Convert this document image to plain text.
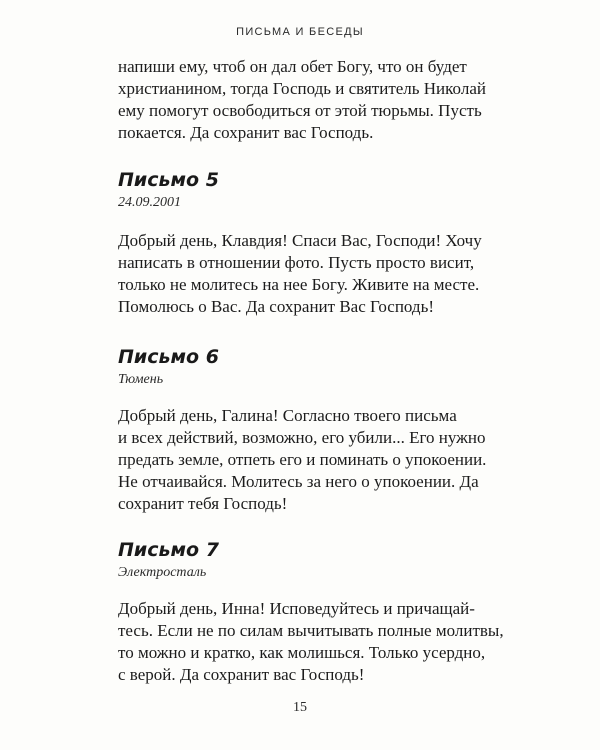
ПИСЬМА И БЕСЕДЫ
напиши ему, чтоб он дал обет Богу, что он будет
христианином, тогда Господь и святитель Николай
ему помогут освободиться от этой тюрьмы. Пусть
покается. Да сохранит вас Господь.
Письмо 5
24.09.2001
Добрый день, Клавдия! Спаси Вас, Господи! Хочу
написать в отношении фото. Пусть просто висит,
только не молитесь на нее Богу. Живите на месте.
Помолюсь о Вас. Да сохранит Вас Господь!
Письмо 6
Тюмень
Добрый день, Галина! Согласно твоего письма
и всех действий, возможно, его убили... Его нужно
предать земле, отпеть его и поминать о упокоении.
Не отчаивайся. Молитесь за него о упокоении. Да
сохранит тебя Господь!
Письмо 7
Электросталь
Добрый день, Инна! Исповедуйтесь и причащай-
тесь. Если не по силам вычитывать полные молитвы,
то можно и кратко, как молишься. Только усердно,
с верой. Да сохранит вас Господь!
15
